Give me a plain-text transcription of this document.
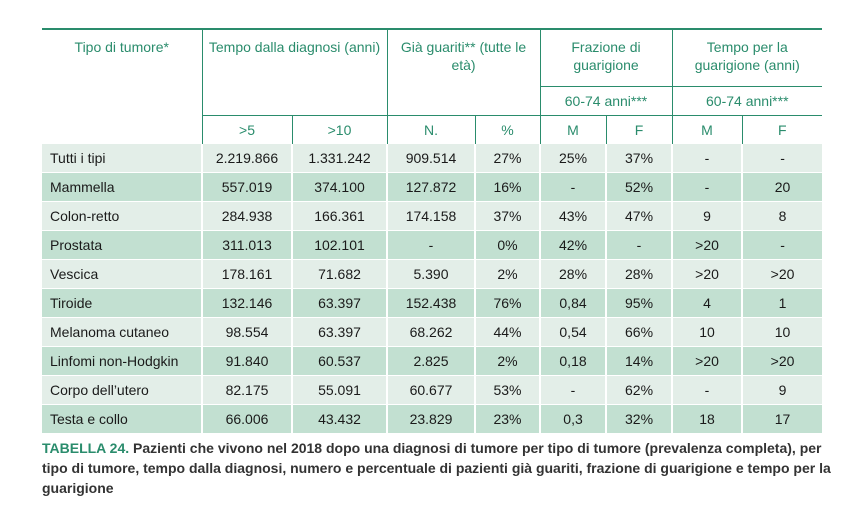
Tipo di tumore*	Tempo dalla diagnosi (anni)		Già guariti** (tutte le età)		Frazione di guarigione		Tempo per la guarigione (anni)	
					60-74 anni***		60-74 anni***	
	>5	>10	N.	%	M	F	M	F
Tutti i tipi	2.219.866	1.331.242	909.514	27%	25%	37%	-	-
Mammella	557.019	374.100	127.872	16%	-	52%	-	20
Colon-retto	284.938	166.361	174.158	37%	43%	47%	9	8
Prostata	311.013	102.101	-	0%	42%	-	>20	-
Vescica	178.161	71.682	5.390	2%	28%	28%	>20	>20
Tiroide	132.146	63.397	152.438	76%	0,84	95%	4	1
Melanoma cutaneo	98.554	63.397	68.262	44%	0,54	66%	10	10
Linfomi non-Hodgkin	91.840	60.537	2.825	2%	0,18	14%	>20	>20
Corpo dell’utero	82.175	55.091	60.677	53%	-	62%	-	9
Testa e collo	66.006	43.432	23.829	23%	0,3	32%	18	17
TABELLA 24. Pazienti che vivono nel 2018 dopo una diagnosi di tumore per tipo di tumore (prevalenza completa), per tipo di tumore, tempo dalla diagnosi, numero e percentuale di pazienti già guariti, frazione di guarigione e tempo per la guarigione
